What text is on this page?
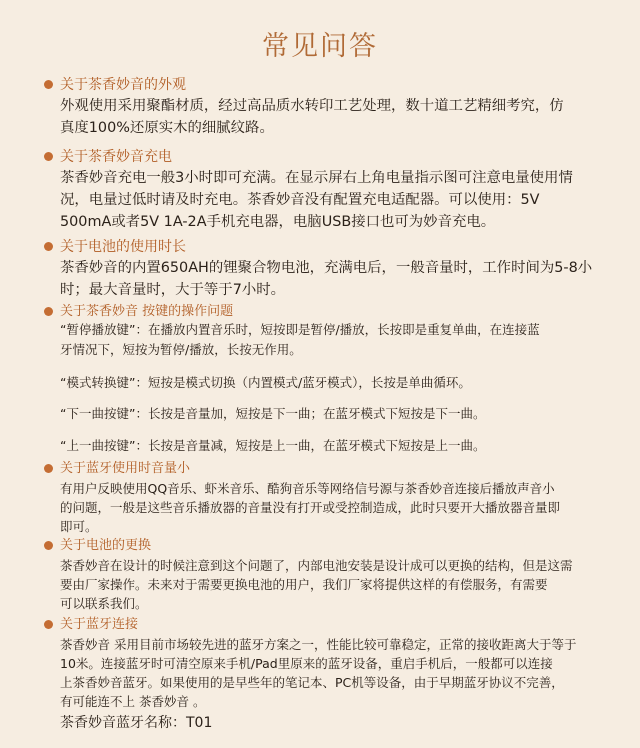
常见问答
关于茶香妙音的外观
外观使用采用聚酯材质，经过高品质水转印工艺处理，数十道工艺精细考究，仿
真度100%还原实木的细腻纹路。
关于茶香妙音充电
茶香妙音充电一般3小时即可充满。在显示屏右上角电量指示图可注意电量使用情
况，电量过低时请及时充电。茶香妙音没有配置充电适配器。可以使用：5V
500mA或者5V 1A-2A手机充电器，电脑USB接口也可为妙音充电。
关于电池的使用时长
茶香妙音的内置650AH的锂聚合物电池，充满电后，一般音量时，工作时间为5-8小
时；最大音量时，大于等于7小时。
关于茶香妙音 按键的操作问题
“暂停播放键”：在播放内置音乐时，短按即是暂停/播放，长按即是重复单曲，在连接蓝
牙情况下，短按为暂停/播放，长按无作用。
“模式转换键”：短按是模式切换（内置模式/蓝牙模式），长按是单曲循环。
“下一曲按键”：长按是音量加，短按是下一曲；在蓝牙模式下短按是下一曲。
“上一曲按键”：长按是音量减，短按是上一曲，在蓝牙模式下短按是上一曲。
关于蓝牙使用时音量小
有用户反映使用QQ音乐、虾米音乐、酷狗音乐等网络信号源与茶香妙音连接后播放声音小
的问题，一般是这些音乐播放器的音量没有打开或受控制造成，此时只要开大播放器音量即
即可。
关于电池的更换
茶香妙音在设计的时候注意到这个问题了，内部电池安装是设计成可以更换的结构，但是这需
要由厂家操作。未来对于需要更换电池的用户，我们厂家将提供这样的有偿服务，有需要
可以联系我们。
关于蓝牙连接
茶香妙音 采用目前市场较先进的蓝牙方案之一，性能比较可靠稳定，正常的接收距离大于等于
10米。连接蓝牙时可清空原来手机/Pad里原来的蓝牙设备，重启手机后，一般都可以连接
上茶香妙音蓝牙。如果使用的是早些年的笔记本、PC机等设备，由于早期蓝牙协议不完善，
有可能连不上 茶香妙音 。
茶香妙音蓝牙名称：T01
